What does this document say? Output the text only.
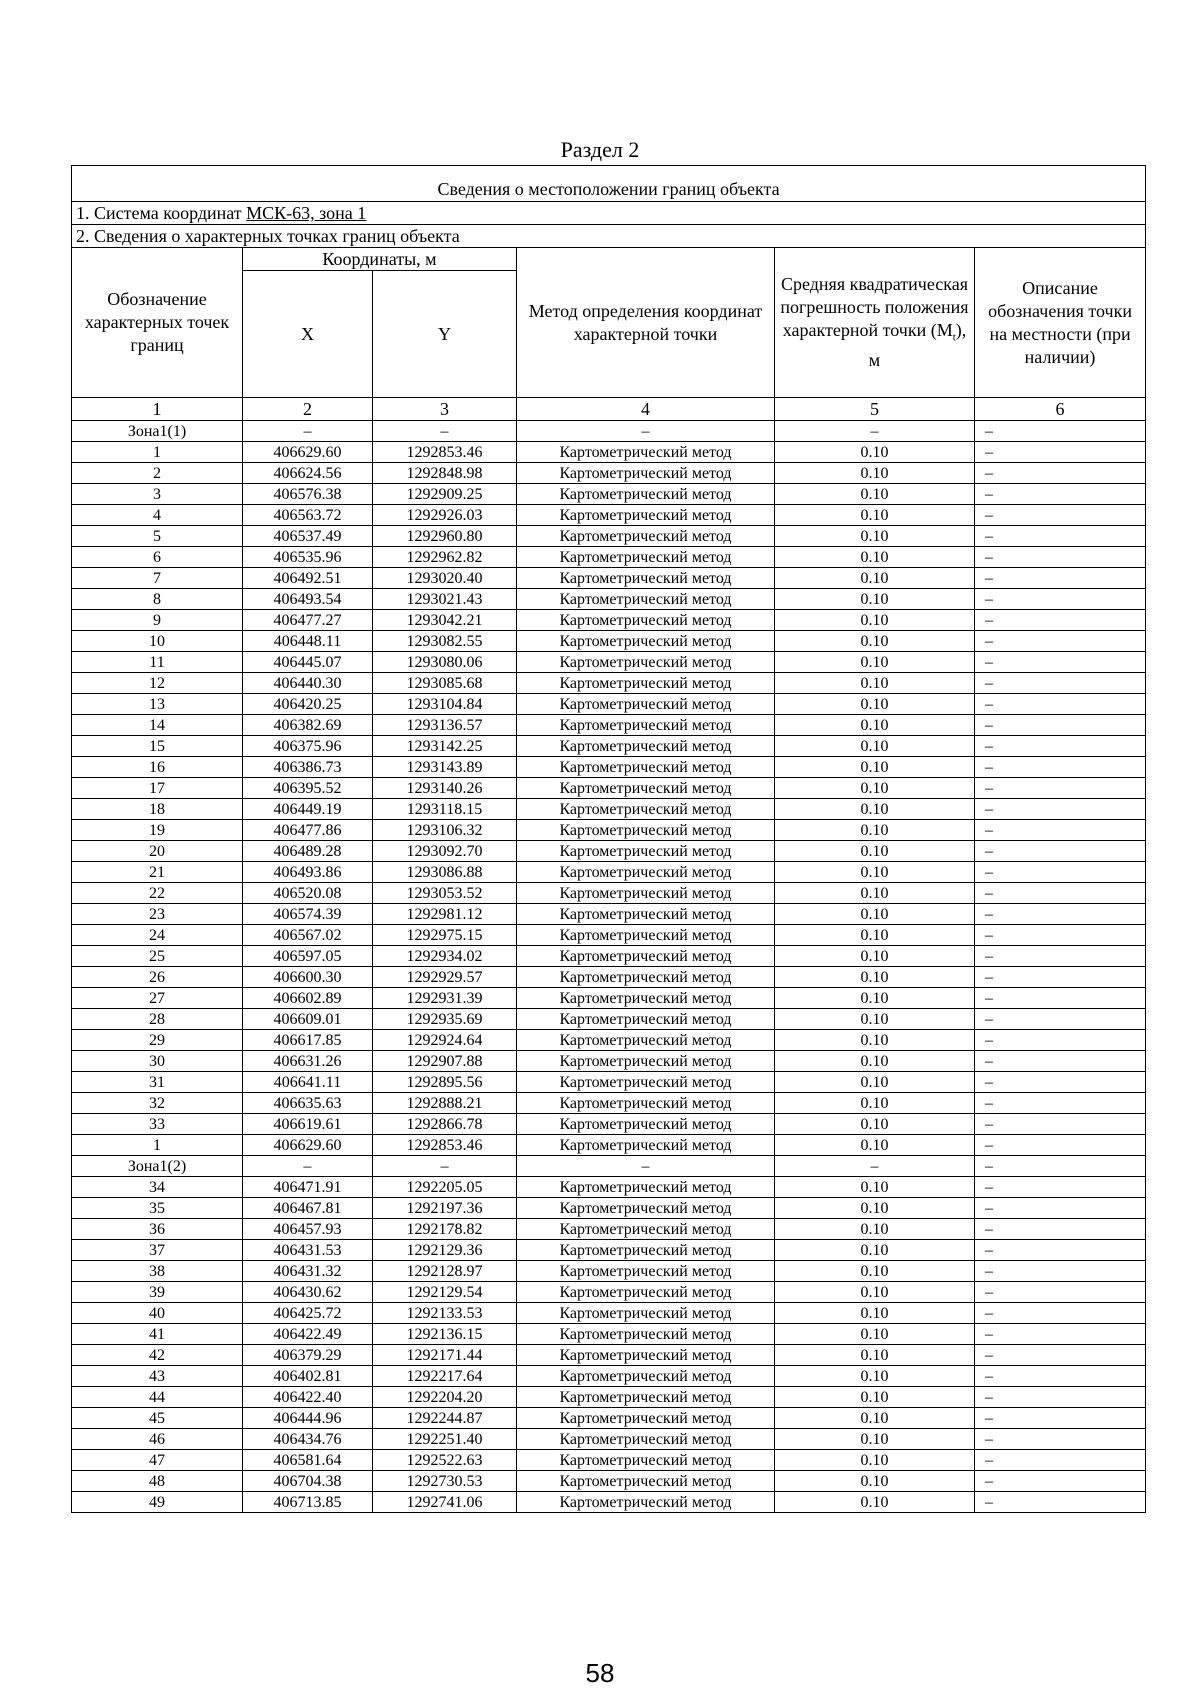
Раздел 2
Сведения о местоположении границ объекта					
1. Система координат МСК-63, зона 1					
2. Сведения о характерных точках границ объекта					
Обозначение характерных точек границ	Координаты, м		Метод определения координат характерной точки	Средняя квадратическая погрешность положения характерной точки $(M_t)$, м	Описание обозначения точки на местности (при наличии)
	X	Y			
1	2	3	4	5	6
Зона1(1)	–	–	–	–	–
1	406629.60	1292853.46	Картометрический метод	0.10	–
2	406624.56	1292848.98	Картометрический метод	0.10	–
3	406576.38	1292909.25	Картометрический метод	0.10	–
4	406563.72	1292926.03	Картометрический метод	0.10	–
5	406537.49	1292960.80	Картометрический метод	0.10	–
6	406535.96	1292962.82	Картометрический метод	0.10	–
7	406492.51	1293020.40	Картометрический метод	0.10	–
8	406493.54	1293021.43	Картометрический метод	0.10	–
9	406477.27	1293042.21	Картометрический метод	0.10	–
10	406448.11	1293082.55	Картометрический метод	0.10	–
11	406445.07	1293080.06	Картометрический метод	0.10	–
12	406440.30	1293085.68	Картометрический метод	0.10	–
13	406420.25	1293104.84	Картометрический метод	0.10	–
14	406382.69	1293136.57	Картометрический метод	0.10	–
15	406375.96	1293142.25	Картометрический метод	0.10	–
16	406386.73	1293143.89	Картометрический метод	0.10	–
17	406395.52	1293140.26	Картометрический метод	0.10	–
18	406449.19	1293118.15	Картометрический метод	0.10	–
19	406477.86	1293106.32	Картометрический метод	0.10	–
20	406489.28	1293092.70	Картометрический метод	0.10	–
21	406493.86	1293086.88	Картометрический метод	0.10	–
22	406520.08	1293053.52	Картометрический метод	0.10	–
23	406574.39	1292981.12	Картометрический метод	0.10	–
24	406567.02	1292975.15	Картометрический метод	0.10	–
25	406597.05	1292934.02	Картометрический метод	0.10	–
26	406600.30	1292929.57	Картометрический метод	0.10	–
27	406602.89	1292931.39	Картометрический метод	0.10	–
28	406609.01	1292935.69	Картометрический метод	0.10	–
29	406617.85	1292924.64	Картометрический метод	0.10	–
30	406631.26	1292907.88	Картометрический метод	0.10	–
31	406641.11	1292895.56	Картометрический метод	0.10	–
32	406635.63	1292888.21	Картометрический метод	0.10	–
33	406619.61	1292866.78	Картометрический метод	0.10	–
1	406629.60	1292853.46	Картометрический метод	0.10	–
Зона1(2)	–	–	–	–	–
34	406471.91	1292205.05	Картометрический метод	0.10	–
35	406467.81	1292197.36	Картометрический метод	0.10	–
36	406457.93	1292178.82	Картометрический метод	0.10	–
37	406431.53	1292129.36	Картометрический метод	0.10	–
38	406431.32	1292128.97	Картометрический метод	0.10	–
39	406430.62	1292129.54	Картометрический метод	0.10	–
40	406425.72	1292133.53	Картометрический метод	0.10	–
41	406422.49	1292136.15	Картометрический метод	0.10	–
42	406379.29	1292171.44	Картометрический метод	0.10	–
43	406402.81	1292217.64	Картометрический метод	0.10	–
44	406422.40	1292204.20	Картометрический метод	0.10	–
45	406444.96	1292244.87	Картометрический метод	0.10	–
46	406434.76	1292251.40	Картометрический метод	0.10	–
47	406581.64	1292522.63	Картометрический метод	0.10	–
48	406704.38	1292730.53	Картометрический метод	0.10	–
49	406713.85	1292741.06	Картометрический метод	0.10	–
58
